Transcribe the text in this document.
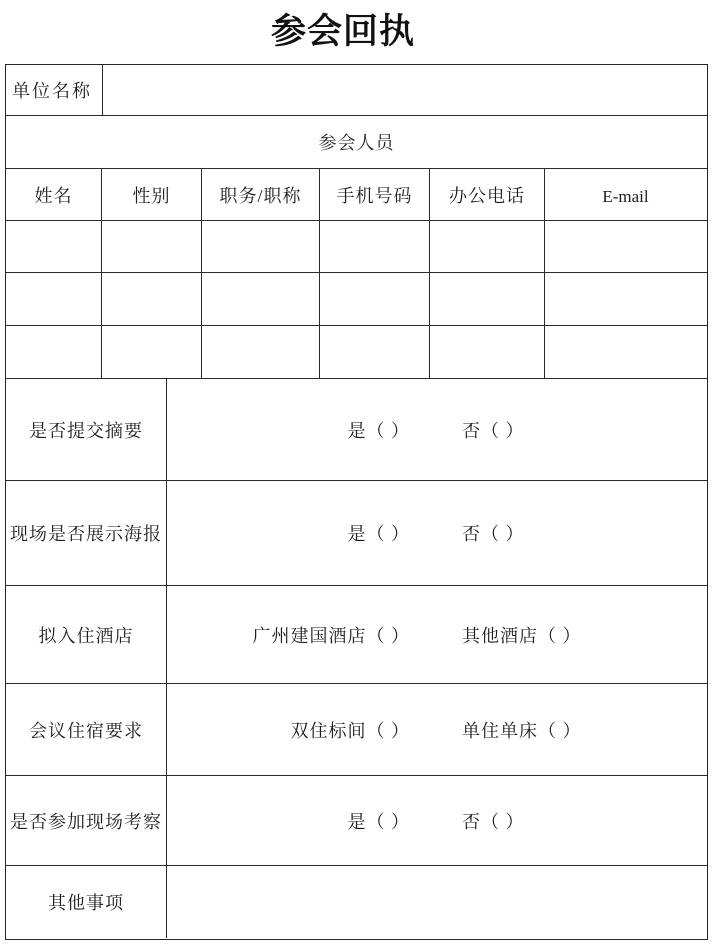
参会回执
单位名称
参会人员
姓名	性别	职务/职称	手机号码	办公电话	E-mail
是否提交摘要	是（ ）	否（ ）
现场是否展示海报	是（ ）	否（ ）
拟入住酒店	广州建国酒店（ ）	其他酒店（ ）
会议住宿要求	双住标间（ ）	单住单床（ ）
是否参加现场考察	是（ ）	否（ ）
其他事项
